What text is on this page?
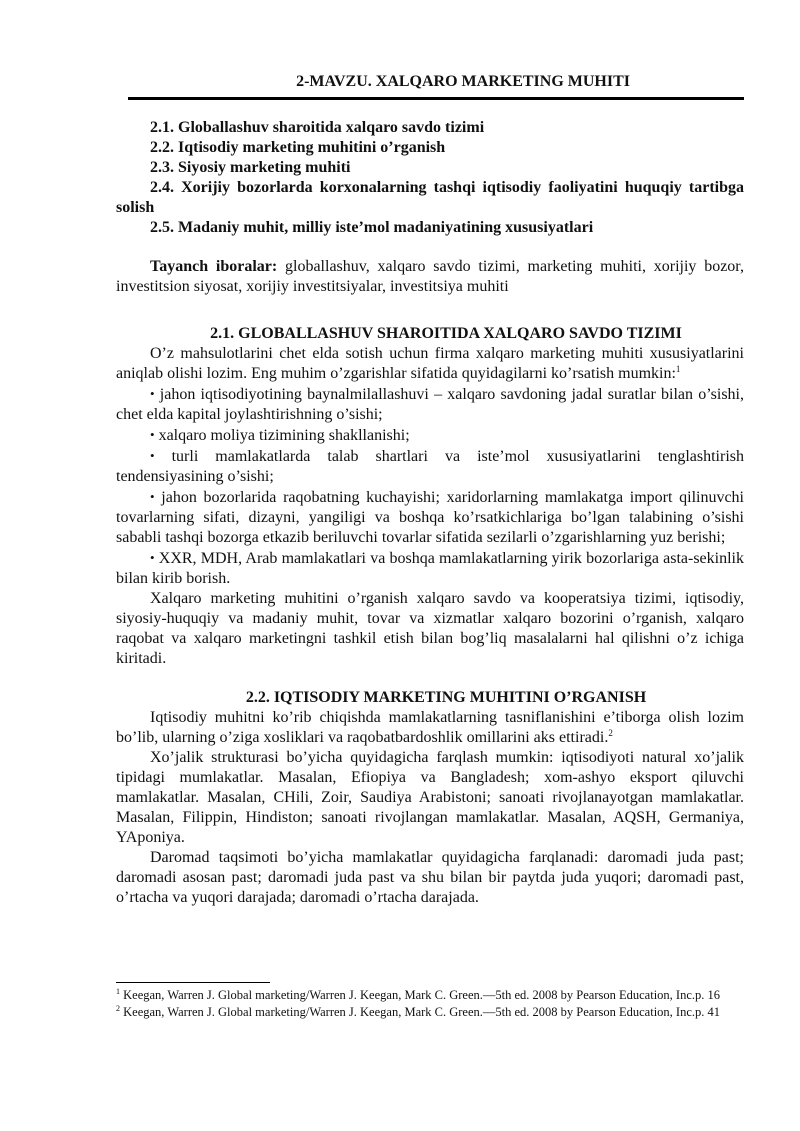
2-MAVZU. XALQARO MARKETING MUHITI

2.1. Globallashuv sharoitida xalqaro savdo tizimi

2.2. Iqtisodiy marketing muhitini o’rganish

2.3. Siyosiy marketing muhiti

2.4. Xorijiy bozorlarda korxonalarning tashqi iqtisodiy faoliyatini huquqiy tartibga solish

2.5. Madaniy muhit, milliy iste’mol madaniyatining xususiyatlari

Tayanch iboralar: globallashuv, xalqaro savdo tizimi, marketing muhiti, xorijiy bozor, investitsion siyosat, xorijiy investitsiyalar, investitsiya muhiti

2.1. GLOBALLASHUV SHAROITIDA XALQARO SAVDO TIZIMI

O’z mahsulotlarini chet elda sotish uchun firma xalqaro marketing muhiti xususiyatlarini aniqlab olishi lozim. Eng muhim o’zgarishlar sifatida quyidagilarni ko’rsatish mumkin:$^1$

• jahon iqtisodiyotining baynalmilallashuvi – xalqaro savdoning jadal suratlar bilan o’sishi, chet elda kapital joylashtirishning o’sishi;

• xalqaro moliya tizimining shakllanishi;

• turli mamlakatlarda talab shartlari va iste’mol xususiyatlarini tenglashtirish tendensiyasining o’sishi;

• jahon bozorlarida raqobatning kuchayishi; xaridorlarning mamlakatga import qilinuvchi tovarlarning sifati, dizayni, yangiligi va boshqa ko’rsatkichlariga bo’lgan talabining o’sishi sababli tashqi bozorga etkazib beriluvchi tovarlar sifatida sezilarli o’zgarishlarning yuz berishi;

• XXR, MDH, Arab mamlakatlari va boshqa mamlakatlarning yirik bozorlariga asta-sekinlik bilan kirib borish.

Xalqaro marketing muhitini o’rganish xalqaro savdo va kooperatsiya tizimi, iqtisodiy, siyosiy-huquqiy va madaniy muhit, tovar va xizmatlar xalqaro bozorini o’rganish, xalqaro raqobat va xalqaro marketingni tashkil etish bilan bog’liq masalalarni hal qilishni o’z ichiga kiritadi.

2.2. IQTISODIY MARKETING MUHITINI O’RGANISH

Iqtisodiy muhitni ko’rib chiqishda mamlakatlarning tasniflanishini e’tiborga olish lozim bo’lib, ularning o’ziga xosliklari va raqobatbardoshlik omillarini aks ettiradi.$^2$

Xo’jalik strukturasi bo’yicha quyidagicha farqlash mumkin: iqtisodiyoti natural xo’jalik tipidagi mumlakatlar. Masalan, Efiopiya va Bangladesh; xom-ashyo eksport qiluvchi mamlakatlar. Masalan, CHili, Zoir, Saudiya Arabistoni; sanoati rivojlanayotgan mamlakatlar. Masalan, Filippin, Hindiston; sanoati rivojlangan mamlakatlar. Masalan, AQSH, Germaniya, YAponiya.

Daromad taqsimoti bo’yicha mamlakatlar quyidagicha farqlanadi: daromadi juda past; daromadi asosan past; daromadi juda past va shu bilan bir paytda juda yuqori; daromadi past, o’rtacha va yuqori darajada; daromadi o’rtacha darajada.

$^1$ Keegan, Warren J. Global marketing/Warren J. Keegan, Mark C. Green.—5th ed. 2008 by Pearson Education, Inc.p. 16

$^2$ Keegan, Warren J. Global marketing/Warren J. Keegan, Mark C. Green.—5th ed. 2008 by Pearson Education, Inc.p. 41
